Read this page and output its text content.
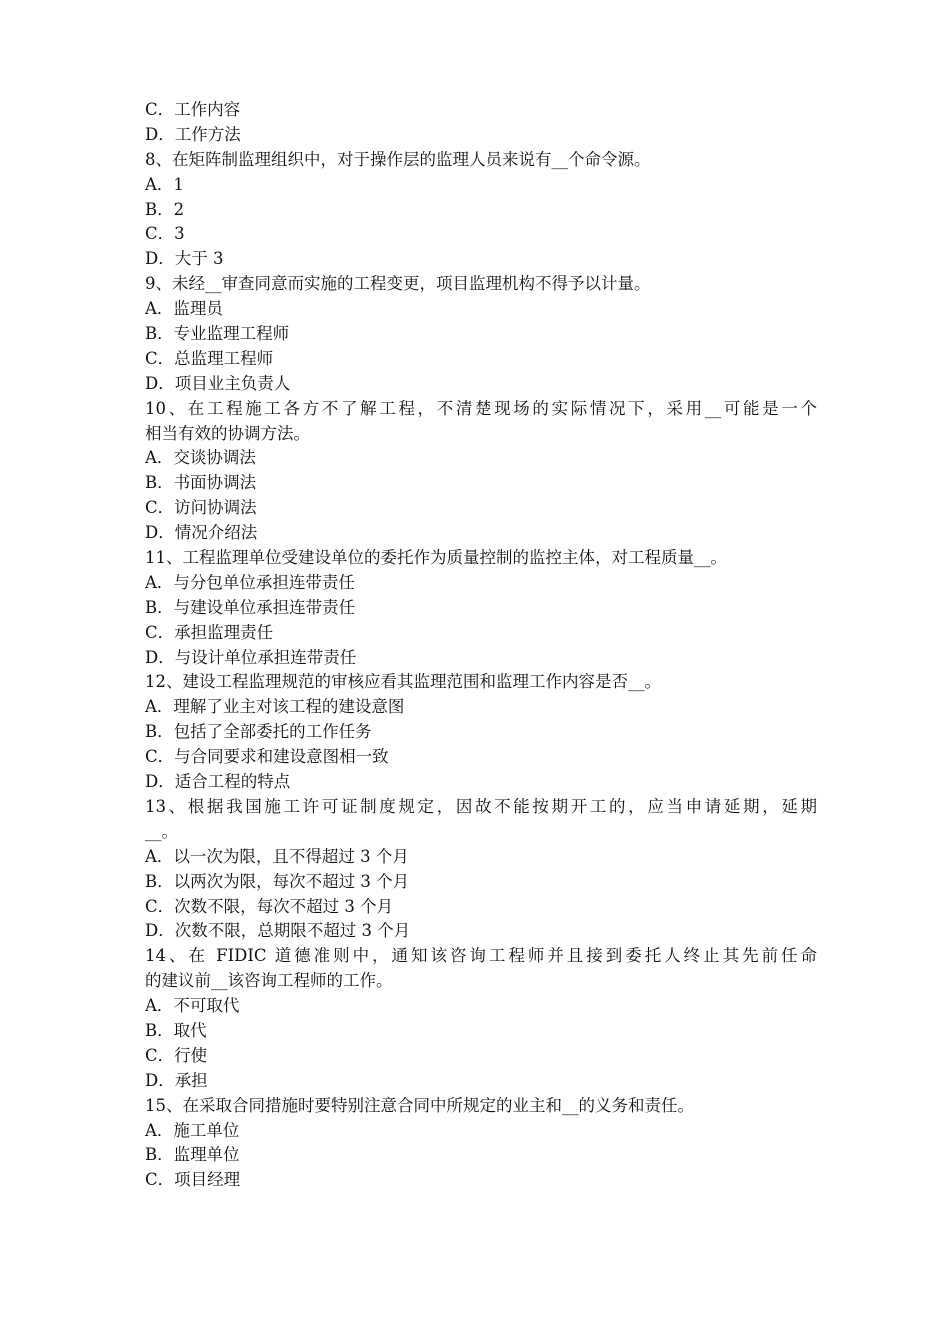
C．工作内容
D．工作方法
8、在矩阵制监理组织中，对于操作层的监理人员来说有__个命令源。
A．1
B．2
C．3
D．大于 3
9、未经__审查同意而实施的工程变更，项目监理机构不得予以计量。
A．监理员
B．专业监理工程师
C．总监理工程师
D．项目业主负责人
10、在工程施工各方不了解工程，不清楚现场的实际情况下，采用__可能是一个
相当有效的协调方法。
A．交谈协调法
B．书面协调法
C．访问协调法
D．情况介绍法
11、工程监理单位受建设单位的委托作为质量控制的监控主体，对工程质量__。
A．与分包单位承担连带责任
B．与建设单位承担连带责任
C．承担监理责任
D．与设计单位承担连带责任
12、建设工程监理规范的审核应看其监理范围和监理工作内容是否__。
A．理解了业主对该工程的建设意图
B．包括了全部委托的工作任务
C．与合同要求和建设意图相一致
D．适合工程的特点
13、根据我国施工许可证制度规定，因故不能按期开工的，应当申请延期，延期
__。
A．以一次为限，且不得超过 3 个月
B．以两次为限，每次不超过 3 个月
C．次数不限，每次不超过 3 个月
D．次数不限，总期限不超过 3 个月
14、在 FIDIC 道德准则中，通知该咨询工程师并且接到委托人终止其先前任命
的建议前__该咨询工程师的工作。
A．不可取代
B．取代
C．行使
D．承担
15、在采取合同措施时要特别注意合同中所规定的业主和__的义务和责任。
A．施工单位
B．监理单位
C．项目经理
